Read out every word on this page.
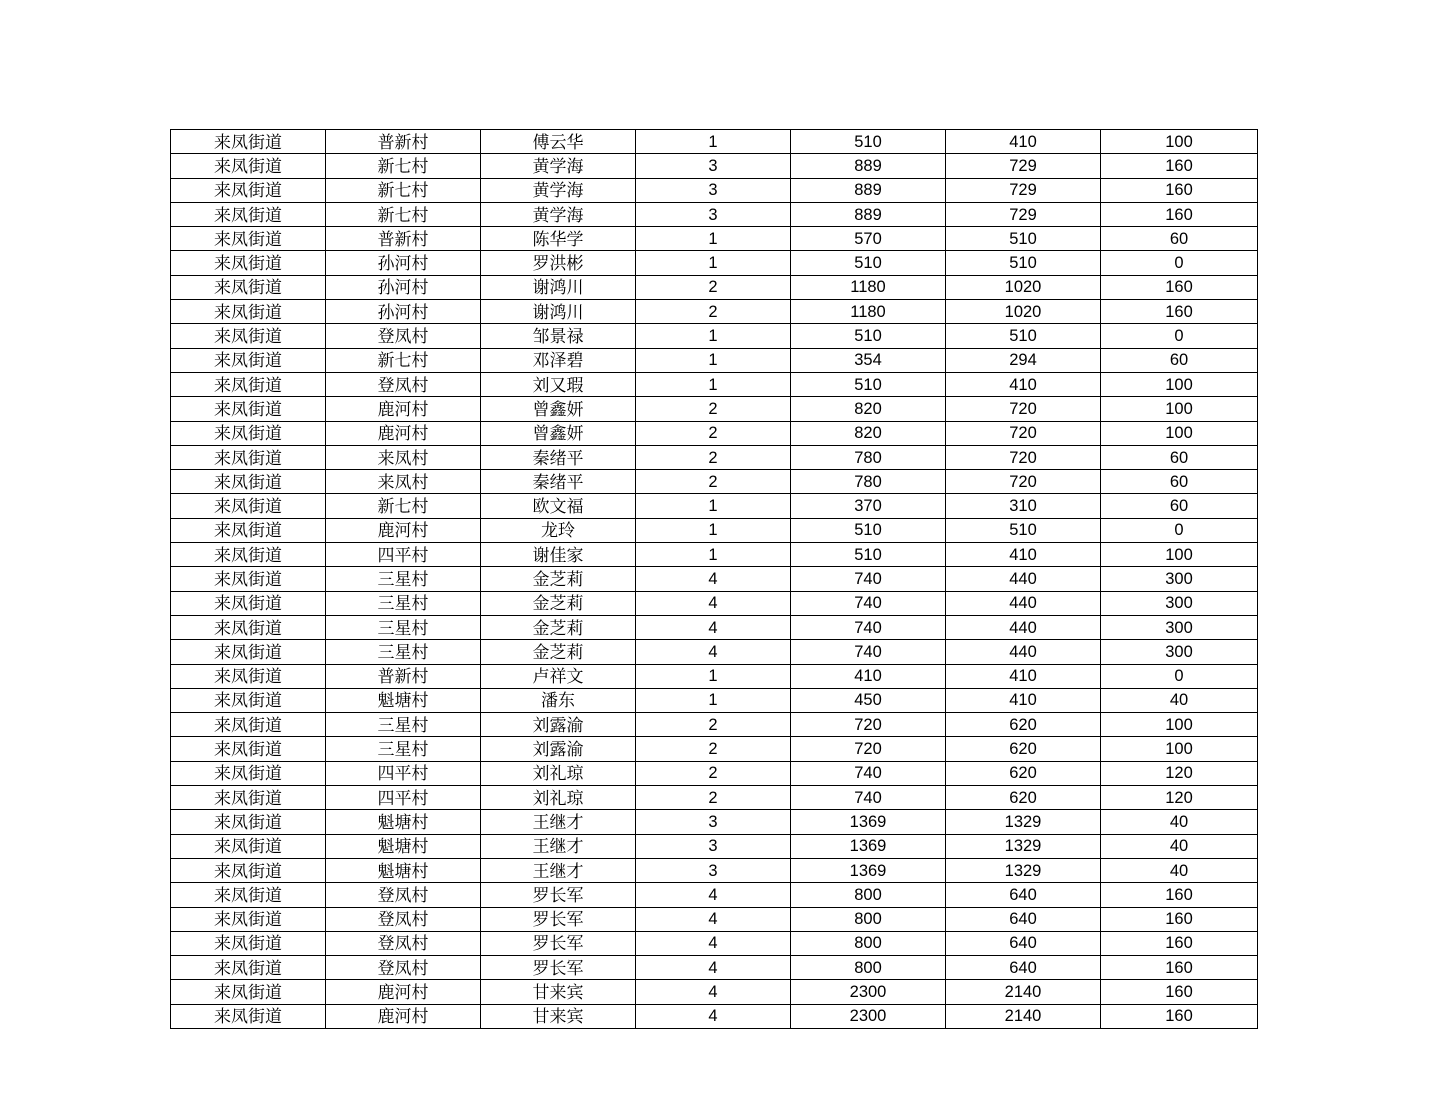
来凤街道	普新村	傅云华	1	510	410	100
来凤街道	新七村	黄学海	3	889	729	160
来凤街道	新七村	黄学海	3	889	729	160
来凤街道	新七村	黄学海	3	889	729	160
来凤街道	普新村	陈华学	1	570	510	60
来凤街道	孙河村	罗洪彬	1	510	510	0
来凤街道	孙河村	谢鸿川	2	1180	1020	160
来凤街道	孙河村	谢鸿川	2	1180	1020	160
来凤街道	登凤村	邹景禄	1	510	510	0
来凤街道	新七村	邓泽碧	1	354	294	60
来凤街道	登凤村	刘又瑕	1	510	410	100
来凤街道	鹿河村	曾鑫妍	2	820	720	100
来凤街道	鹿河村	曾鑫妍	2	820	720	100
来凤街道	来凤村	秦绪平	2	780	720	60
来凤街道	来凤村	秦绪平	2	780	720	60
来凤街道	新七村	欧文福	1	370	310	60
来凤街道	鹿河村	龙玲	1	510	510	0
来凤街道	四平村	谢佳家	1	510	410	100
来凤街道	三星村	金芝莉	4	740	440	300
来凤街道	三星村	金芝莉	4	740	440	300
来凤街道	三星村	金芝莉	4	740	440	300
来凤街道	三星村	金芝莉	4	740	440	300
来凤街道	普新村	卢祥文	1	410	410	0
来凤街道	魁塘村	潘东	1	450	410	40
来凤街道	三星村	刘露渝	2	720	620	100
来凤街道	三星村	刘露渝	2	720	620	100
来凤街道	四平村	刘礼琼	2	740	620	120
来凤街道	四平村	刘礼琼	2	740	620	120
来凤街道	魁塘村	王继才	3	1369	1329	40
来凤街道	魁塘村	王继才	3	1369	1329	40
来凤街道	魁塘村	王继才	3	1369	1329	40
来凤街道	登凤村	罗长军	4	800	640	160
来凤街道	登凤村	罗长军	4	800	640	160
来凤街道	登凤村	罗长军	4	800	640	160
来凤街道	登凤村	罗长军	4	800	640	160
来凤街道	鹿河村	甘来宾	4	2300	2140	160
来凤街道	鹿河村	甘来宾	4	2300	2140	160
